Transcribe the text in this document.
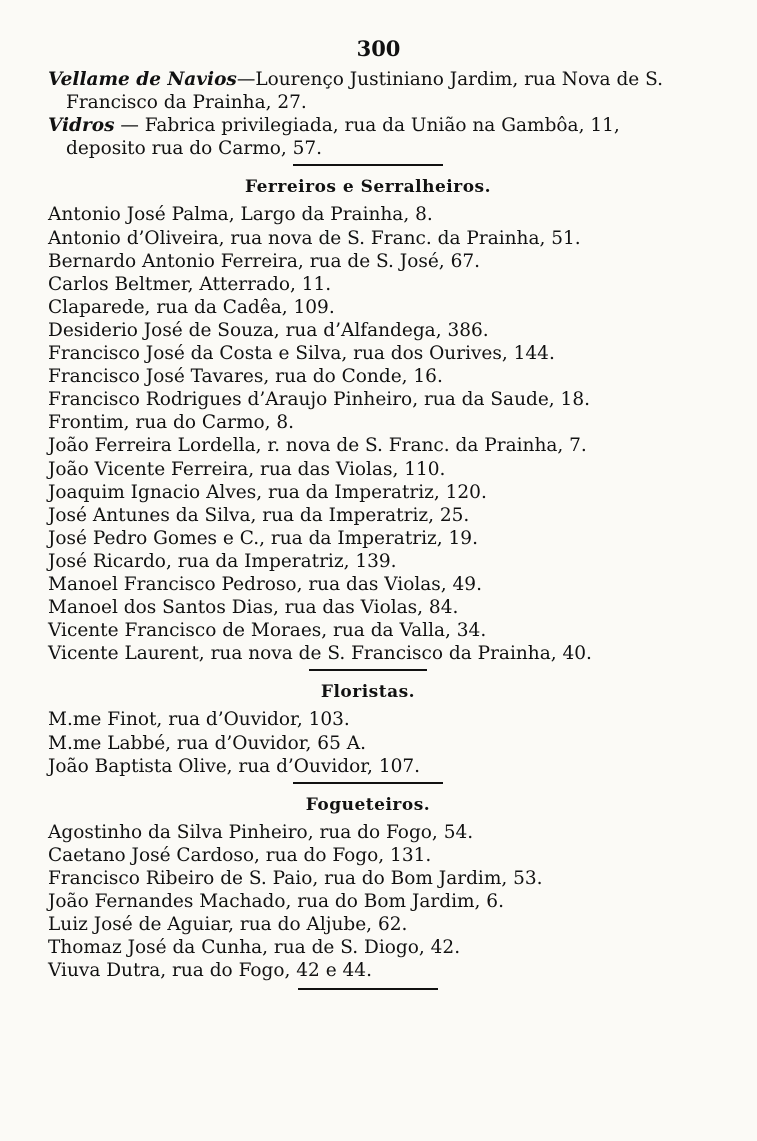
300

Vellame de Navios—Lourenço Justiniano Jardim, rua Nova de S. Francisco da Prainha, 27.

Vidros — Fabrica privilegiada, rua da União na Gambôa, 11, deposito rua do Carmo, 57.

Ferreiros e Serralheiros.

Antonio José Palma, Largo da Prainha, 8.

Antonio d’Oliveira, rua nova de S. Franc. da Prainha, 51.

Bernardo Antonio Ferreira, rua de S. José, 67.

Carlos Beltmer, Atterrado, 11.

Claparede, rua da Cadêa, 109.

Desiderio José de Souza, rua d’Alfandega, 386.

Francisco José da Costa e Silva, rua dos Ourives, 144.

Francisco José Tavares, rua do Conde, 16.

Francisco Rodrigues d’Araujo Pinheiro, rua da Saude, 18.

Frontim, rua do Carmo, 8.

João Ferreira Lordella, r. nova de S. Franc. da Prainha, 7.

João Vicente Ferreira, rua das Violas, 110.

Joaquim Ignacio Alves, rua da Imperatriz, 120.

José Antunes da Silva, rua da Imperatriz, 25.

José Pedro Gomes e C., rua da Imperatriz, 19.

José Ricardo, rua da Imperatriz, 139.

Manoel Francisco Pedroso, rua das Violas, 49.

Manoel dos Santos Dias, rua das Violas, 84.

Vicente Francisco de Moraes, rua da Valla, 34.

Vicente Laurent, rua nova de S. Francisco da Prainha, 40.

Floristas.

M.me Finot, rua d’Ouvidor, 103.

M.me Labbé, rua d’Ouvidor, 65 A.

João Baptista Olive, rua d’Ouvidor, 107.

Fogueteiros.

Agostinho da Silva Pinheiro, rua do Fogo, 54.

Caetano José Cardoso, rua do Fogo, 131.

Francisco Ribeiro de S. Paio, rua do Bom Jardim, 53.

João Fernandes Machado, rua do Bom Jardim, 6.

Luiz José de Aguiar, rua do Aljube, 62.

Thomaz José da Cunha, rua de S. Diogo, 42.

Viuva Dutra, rua do Fogo, 42 e 44.
